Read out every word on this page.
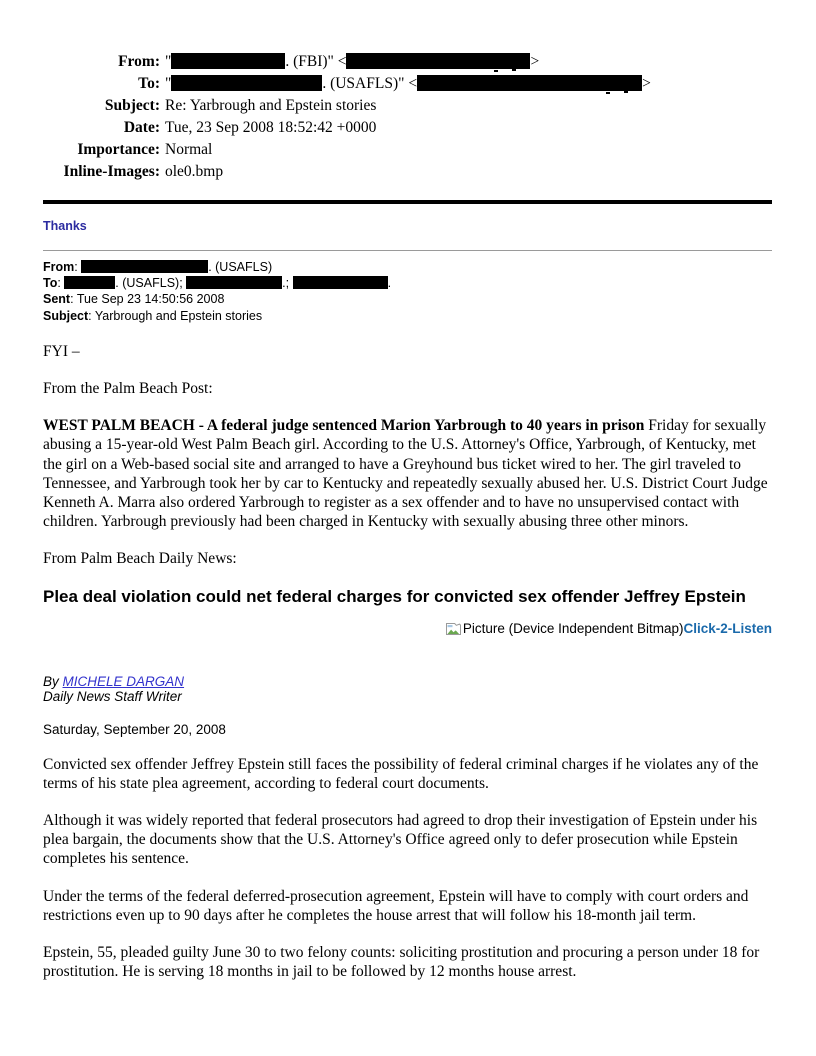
From: "	. (FBI)" <	>
To: "	. (USAFLS)" <	>
Subject: Re: Yarbrough and Epstein stories
Date: Tue, 23 Sep 2008 18:52:42 +0000
Importance: Normal
Inline-Images: ole0.bmp
Thanks
From:	. (USAFLS)
To:	. (USAFLS);	.;	.
Sent: Tue Sep 23 14:50:56 2008
Subject: Yarbrough and Epstein stories

FYI –

From the Palm Beach Post:

WEST PALM BEACH - A federal judge sentenced Marion Yarbrough to 40 years in prison Friday for sexually abusing a 15-year-old West Palm Beach girl. According to the U.S. Attorney's Office, Yarbrough, of Kentucky, met the girl on a Web-based social site and arranged to have a Greyhound bus ticket wired to her. The girl traveled to Tennessee, and Yarbrough took her by car to Kentucky and repeatedly sexually abused her. U.S. District Court Judge Kenneth A. Marra also ordered Yarbrough to register as a sex offender and to have no unsupervised contact with children. Yarbrough previously had been charged in Kentucky with sexually abusing three other minors.

From Palm Beach Daily News:

Plea deal violation could net federal charges for convicted sex offender Jeffrey Epstein
Picture (Device Independent Bitmap) Click-2-Listen
By MICHELE DARGAN
Daily News Staff Writer
Saturday, September 20, 2008

Convicted sex offender Jeffrey Epstein still faces the possibility of federal criminal charges if he violates any of the terms of his state plea agreement, according to federal court documents.

Although it was widely reported that federal prosecutors had agreed to drop their investigation of Epstein under his plea bargain, the documents show that the U.S. Attorney's Office agreed only to defer prosecution while Epstein completes his sentence.

Under the terms of the federal deferred-prosecution agreement, Epstein will have to comply with court orders and restrictions even up to 90 days after he completes the house arrest that will follow his 18-month jail term.

Epstein, 55, pleaded guilty June 30 to two felony counts: soliciting prostitution and procuring a person under 18 for prostitution. He is serving 18 months in jail to be followed by 12 months house arrest.
